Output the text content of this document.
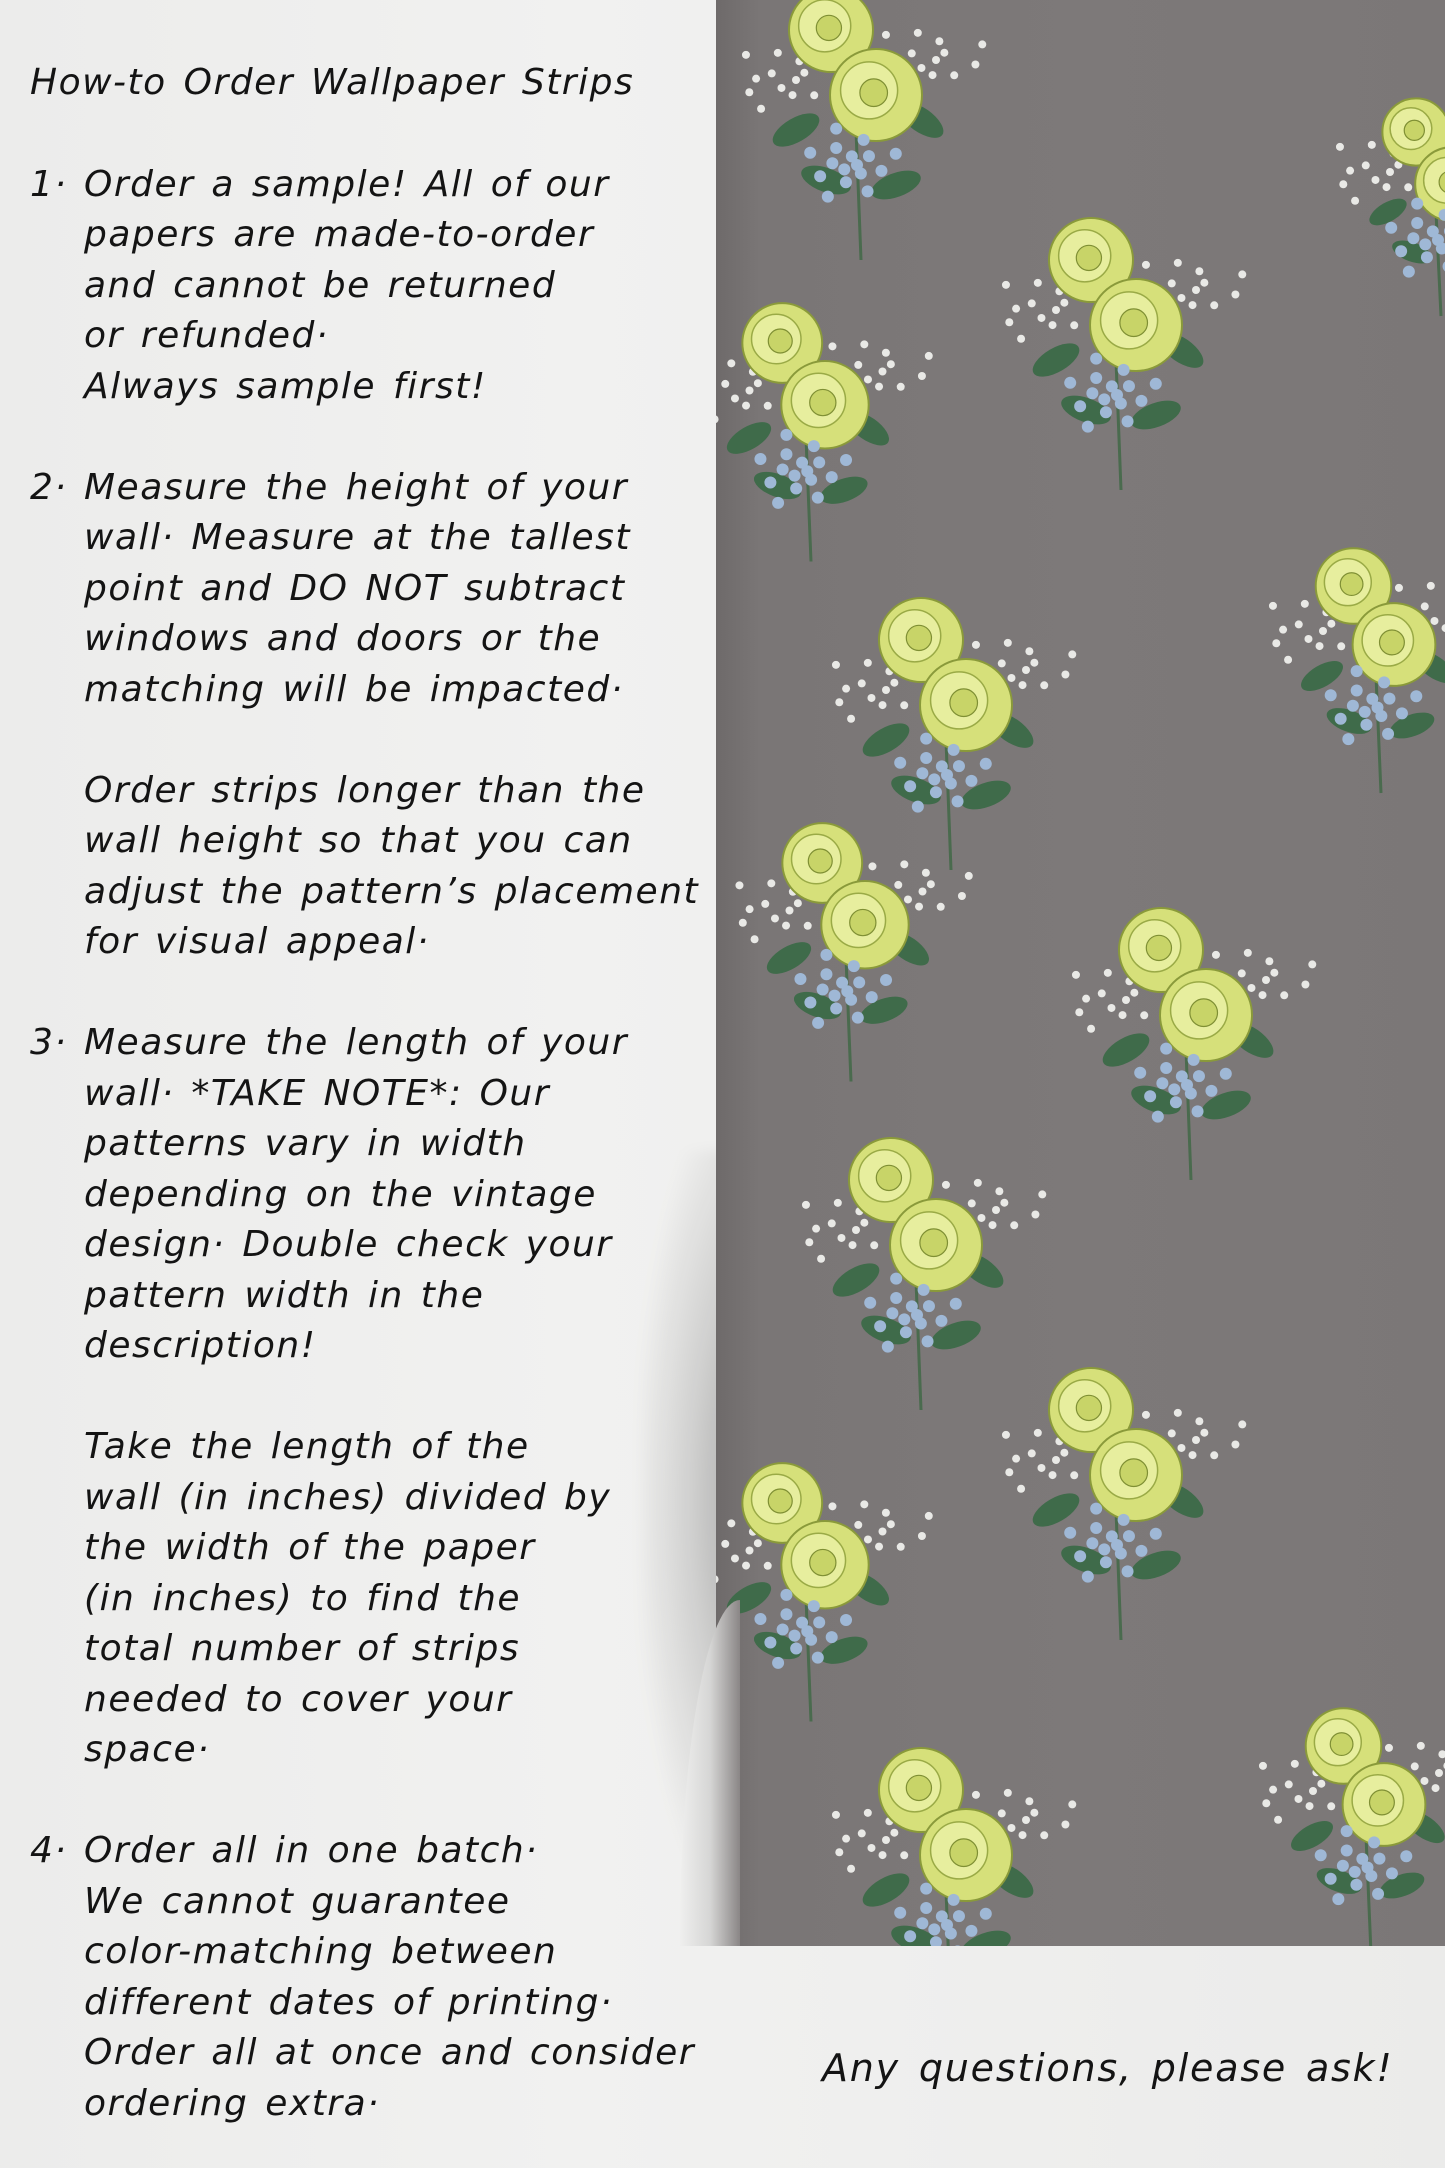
How-to Order Wallpaper Strips
1· Order a sample! All of our
papers are made-to-order
and cannot be returned
or refunded·
Always sample first!
2· Measure the height of your
wall· Measure at the tallest
point and DO NOT subtract
windows and doors or the
matching will be impacted·
Order strips longer than the
wall height so that you can
adjust the pattern’s placement
for visual appeal·
3· Measure the length of your
wall· *TAKE NOTE*: Our
patterns vary in width
depending on the vintage
design· Double check your
pattern width in the
description!
Take the length of the
wall (in inches) divided by
the width of the paper
(in inches) to find the
total number of strips
needed to cover your
space·
4· Order all in one batch·
We cannot guarantee
color-matching between
different dates of printing·
Order all at once and consider
ordering extra·
Any questions, please ask!
